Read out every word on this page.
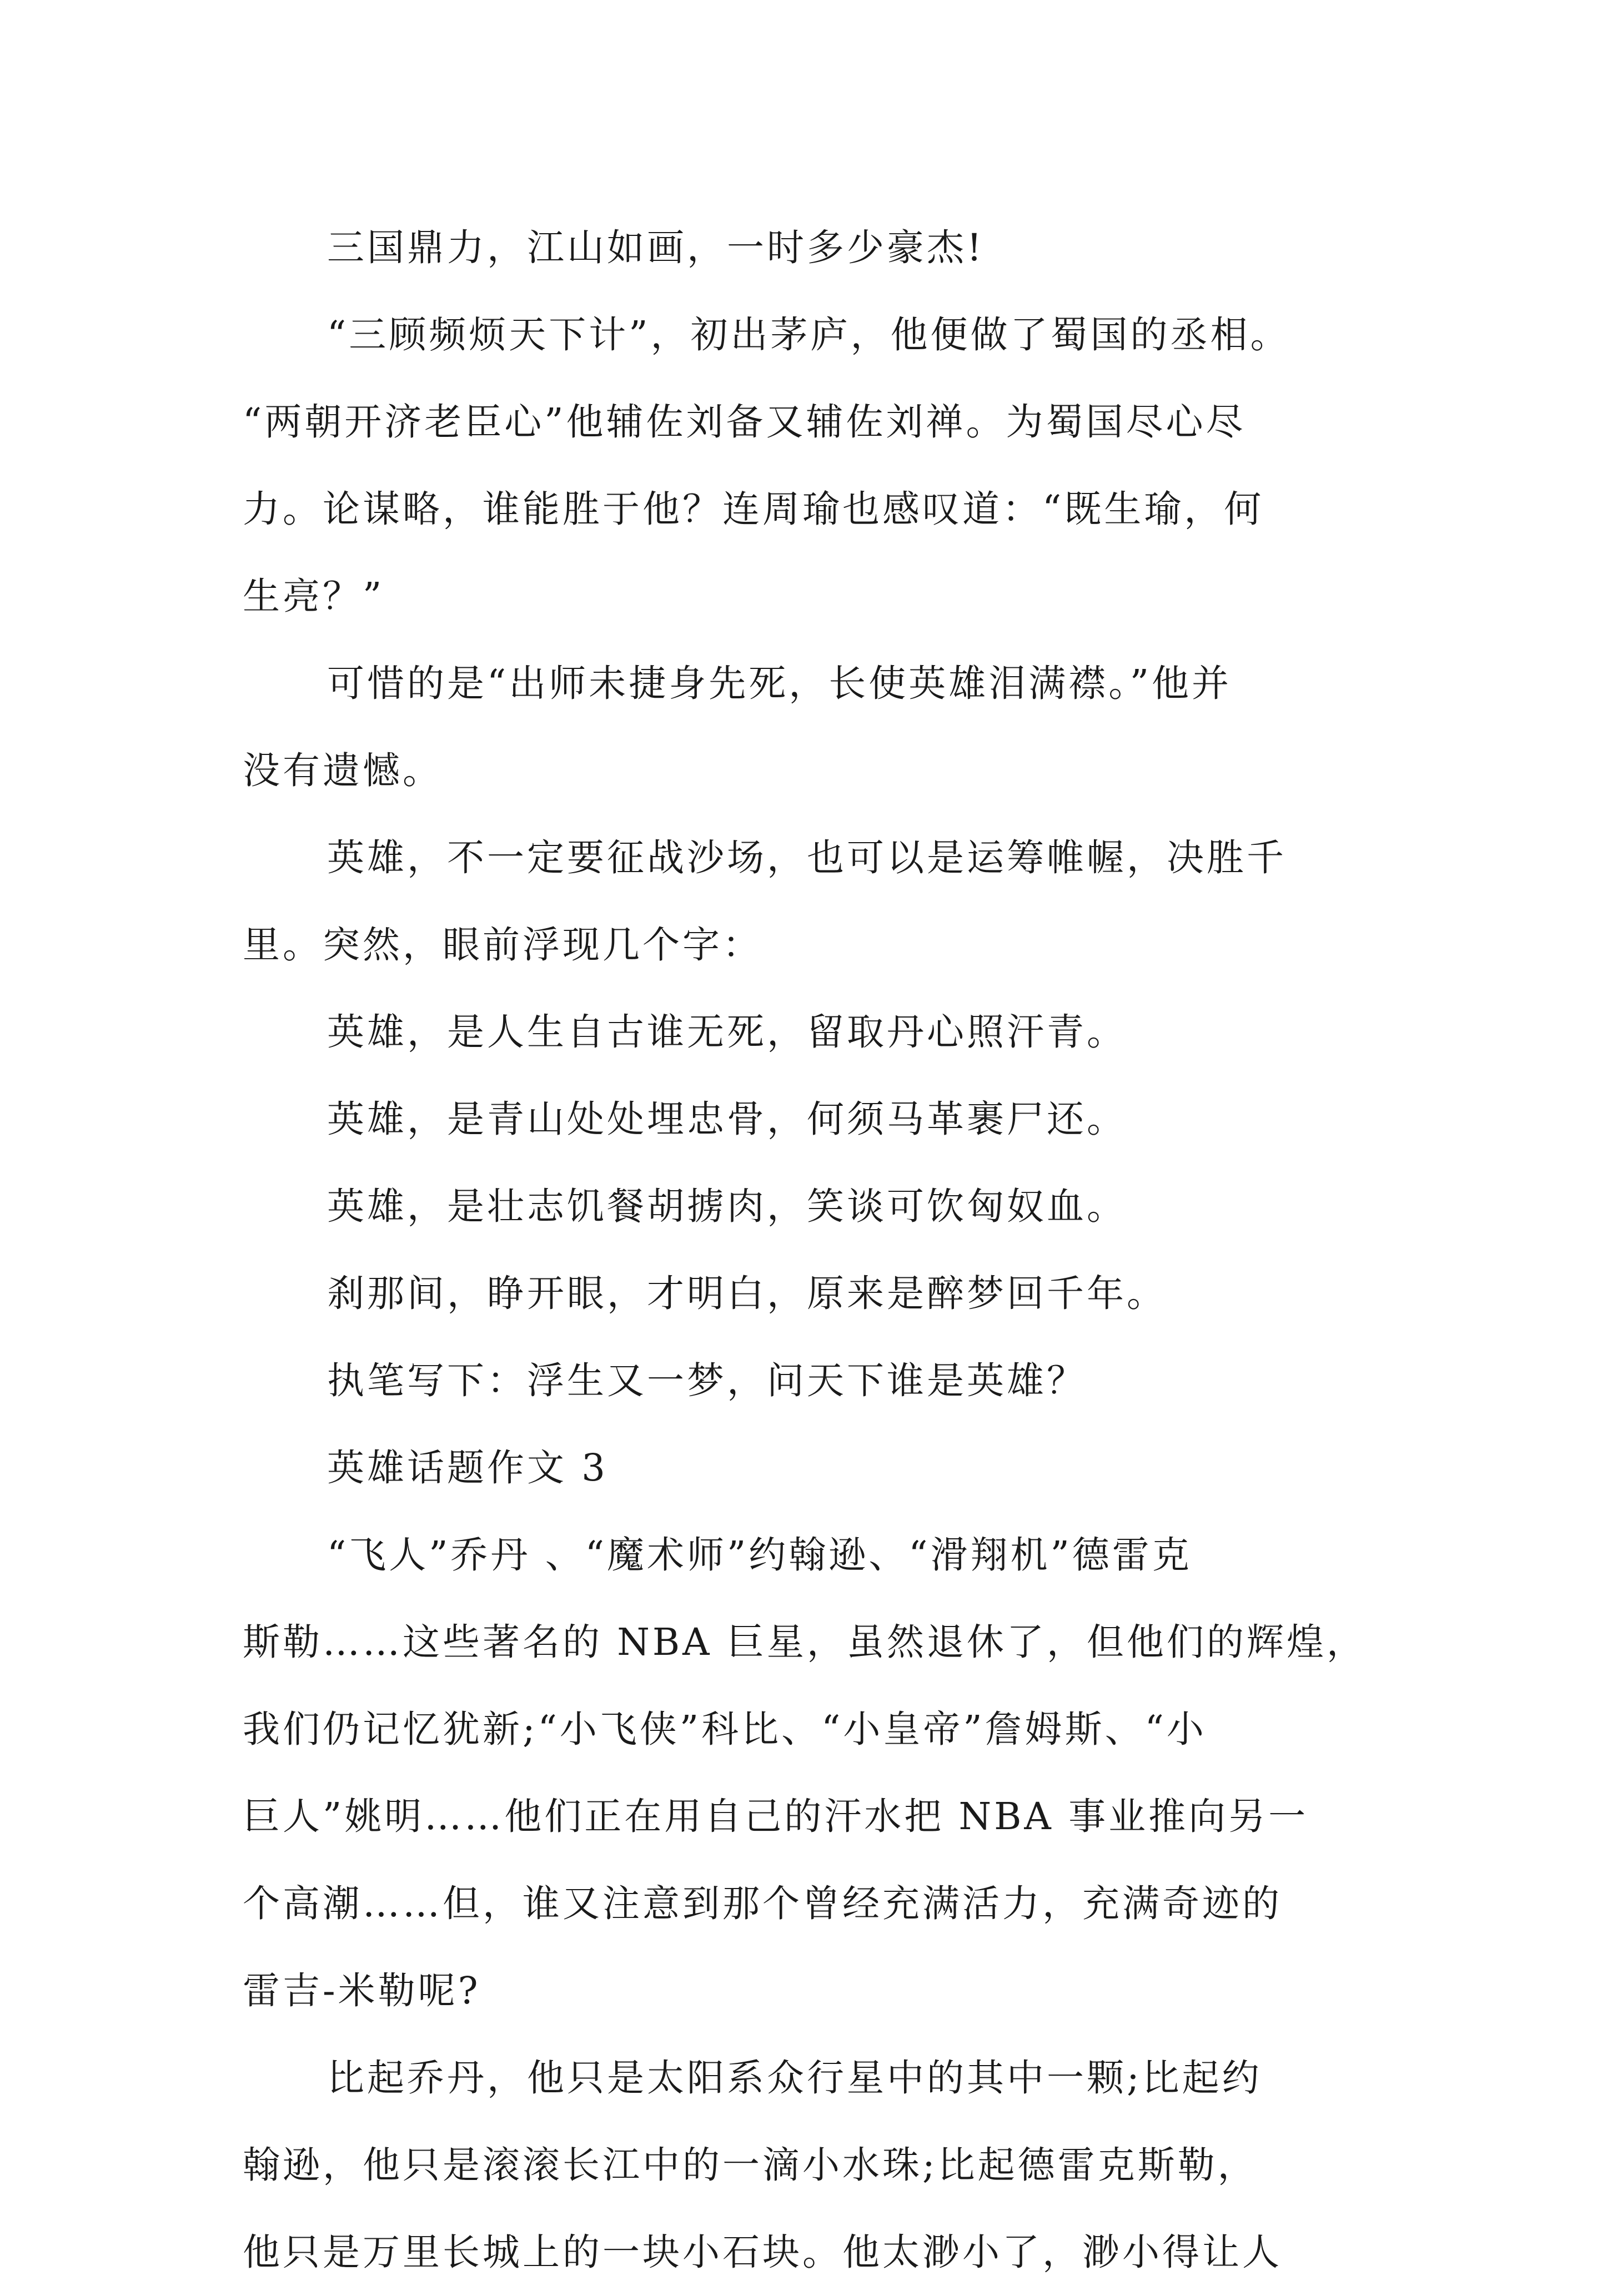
三国鼎力，江山如画，一时多少豪杰!
“三顾频烦天下计”，初出茅庐，他便做了蜀国的丞相。
“两朝开济老臣心”他辅佐刘备又辅佐刘禅。为蜀国尽心尽
力。论谋略，谁能胜于他？连周瑜也感叹道：“既生瑜，何
生亮？”
可惜的是“出师未捷身先死，长使英雄泪满襟。”他并
没有遗憾。
英雄，不一定要征战沙场，也可以是运筹帷幄，决胜千
里。突然，眼前浮现几个字：
英雄，是人生自古谁无死，留取丹心照汗青。
英雄，是青山处处埋忠骨，何须马革裹尸还。
英雄，是壮志饥餐胡掳肉，笑谈可饮匈奴血。
刹那间，睁开眼，才明白，原来是醉梦回千年。
执笔写下：浮生又一梦，问天下谁是英雄？
英雄话题作文 3
“飞人”乔丹 、“魔术师”约翰逊、“滑翔机”德雷克
斯勒……这些著名的 NBA 巨星，虽然退休了，但他们的辉煌，
我们仍记忆犹新;“小飞侠”科比、“小皇帝”詹姆斯、“小
巨人”姚明……他们正在用自己的汗水把 NBA 事业推向另一
个高潮……但，谁又注意到那个曾经充满活力，充满奇迹的
雷吉-米勒呢?
比起乔丹，他只是太阳系众行星中的其中一颗;比起约
翰逊，他只是滚滚长江中的一滴小水珠;比起德雷克斯勒，
他只是万里长城上的一块小石块。他太渺小了，渺小得让人
